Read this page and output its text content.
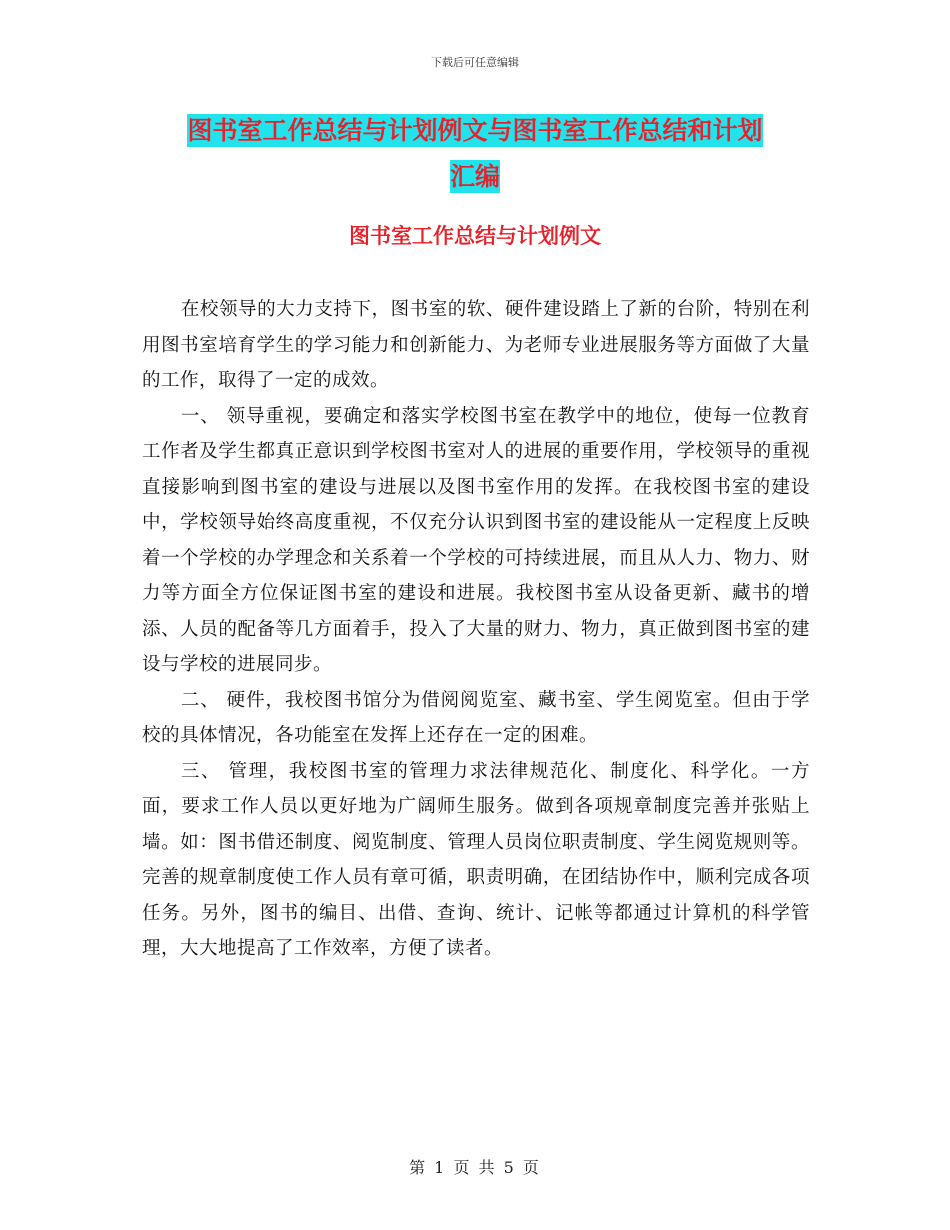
下载后可任意编辑
图书室工作总结与计划例文与图书室工作总结和计划
汇编
图书室工作总结与计划例文

在校领导的大力支持下，图书室的软、硬件建设踏上了新的台阶，特别在利用图书室培育学生的学习能力和创新能力、为老师专业进展服务等方面做了大量的工作，取得了一定的成效。

一、 领导重视，要确定和落实学校图书室在教学中的地位，使每一位教育工作者及学生都真正意识到学校图书室对人的进展的重要作用，学校领导的重视直接影响到图书室的建设与进展以及图书室作用的发挥。在我校图书室的建设中，学校领导始终高度重视，不仅充分认识到图书室的建设能从一定程度上反映着一个学校的办学理念和关系着一个学校的可持续进展，而且从人力、物力、财力等方面全方位保证图书室的建设和进展。我校图书室从设备更新、藏书的增添、人员的配备等几方面着手，投入了大量的财力、物力，真正做到图书室的建设与学校的进展同步。

二、 硬件，我校图书馆分为借阅阅览室、藏书室、学生阅览室。但由于学校的具体情况，各功能室在发挥上还存在一定的困难。

三、 管理，我校图书室的管理力求法律规范化、制度化、科学化。一方面，要求工作人员以更好地为广阔师生服务。做到各项规章制度完善并张贴上墙。如：图书借还制度、阅览制度、管理人员岗位职责制度、学生阅览规则等。完善的规章制度使工作人员有章可循，职责明确，在团结协作中，顺利完成各项任务。另外，图书的编目、出借、查询、统计、记帐等都通过计算机的科学管理，大大地提高了工作效率，方便了读者。

第 1 页 共 5 页
